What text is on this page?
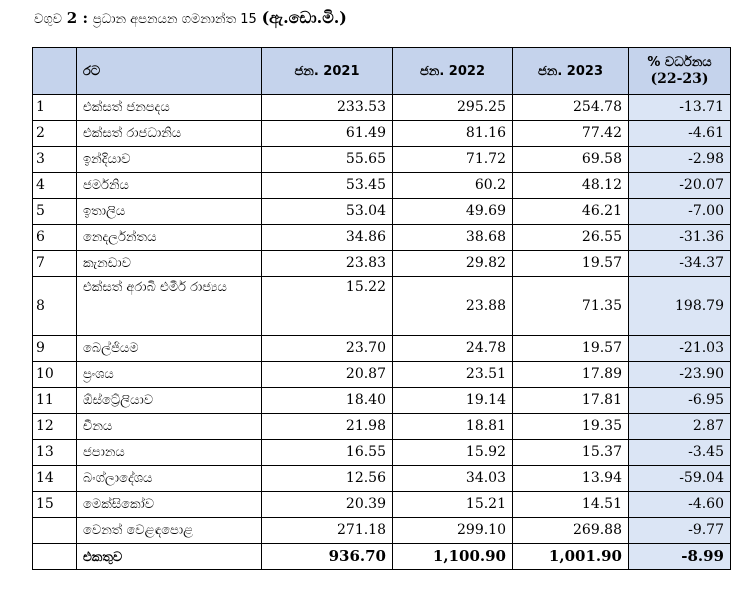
වගුව 2 : ප්‍රධාන අපනයන ගමනාන්ත 15 (ඇ.ඩො.මි.)
	රට	ජන. 2021	ජන. 2022	ජන. 2023	% වර්ධනය
(22-23)

1	එක්සත් ජනපදය	233.53	295.25	254.78	-13.71
2	එක්සත් රාජධානිය	61.49	81.16	77.42	-4.61
3	ඉන්දියාව	55.65	71.72	69.58	-2.98
4	ජර්මනිය	53.45	60.2	48.12	-20.07
5	ඉතාලිය	53.04	49.69	46.21	-7.00
6	නෙදර්ලන්තය	34.86	38.68	26.55	-31.36
7	කැනඩාව	23.83	29.82	19.57	-34.37
8	එක්සත් අරාබි එමීර් රාජ්‍යය	15.22	23.88	71.35	198.79
9	බෙල්ජියම	23.70	24.78	19.57	-21.03
10	ප්‍රංශය	20.87	23.51	17.89	-23.90
11	ඕස්ට්‍රේලියාව	18.40	19.14	17.81	-6.95
12	චීනය	21.98	18.81	19.35	2.87
13	ජපානය	16.55	15.92	15.37	-3.45
14	බංග්ලාදේශය	12.56	34.03	13.94	-59.04
15	මෙක්සිකෝව	20.39	15.21	14.51	-4.60
	වෙනත් වෙළඳපොළ	271.18	299.10	269.88	-9.77
	එකතුව	936.70	1,100.90	1,001.90	-8.99
